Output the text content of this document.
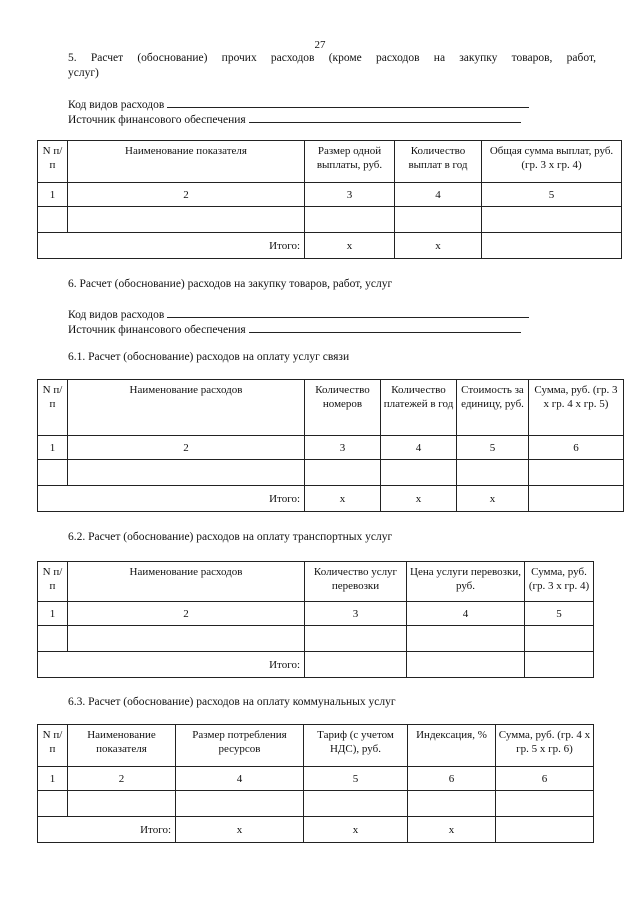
27
5. Расчет (обоснование) прочих расходов (кроме расходов на закупку товаров, работ,
услуг)
Код видов расходов
Источник финансового обеспечения
N п/п	Наименование показателя	Размер одной выплаты, руб.	Количество выплат в год	Общая сумма выплат, руб. (гр. 3 x гр. 4)
1	2	3	4	5

Итого:		x	x	
6. Расчет (обоснование) расходов на закупку товаров, работ, услуг
Код видов расходов
Источник финансового обеспечения
6.1. Расчет (обоснование) расходов на оплату услуг связи
N п/п	Наименование расходов	Количество номеров	Количество платежей в год	Стоимость за единицу, руб.	Сумма, руб. (гр. 3 x гр. 4 x гр. 5)
1	2	3	4	5	6

Итого:		x	x	x	
6.2. Расчет (обоснование) расходов на оплату транспортных услуг
N п/п	Наименование расходов	Количество услуг перевозки	Цена услуги перевозки, руб.	Сумма, руб. (гр. 3 x гр. 4)
1	2	3	4	5

Итого:				
6.3. Расчет (обоснование) расходов на оплату коммунальных услуг
N п/п	Наименование показателя	Размер потребления ресурсов	Тариф (с учетом НДС), руб.	Индексация, %	Сумма, руб. (гр. 4 x гр. 5 x гр. 6)
1	2	4	5	6	6

Итого:		x	x	x	
